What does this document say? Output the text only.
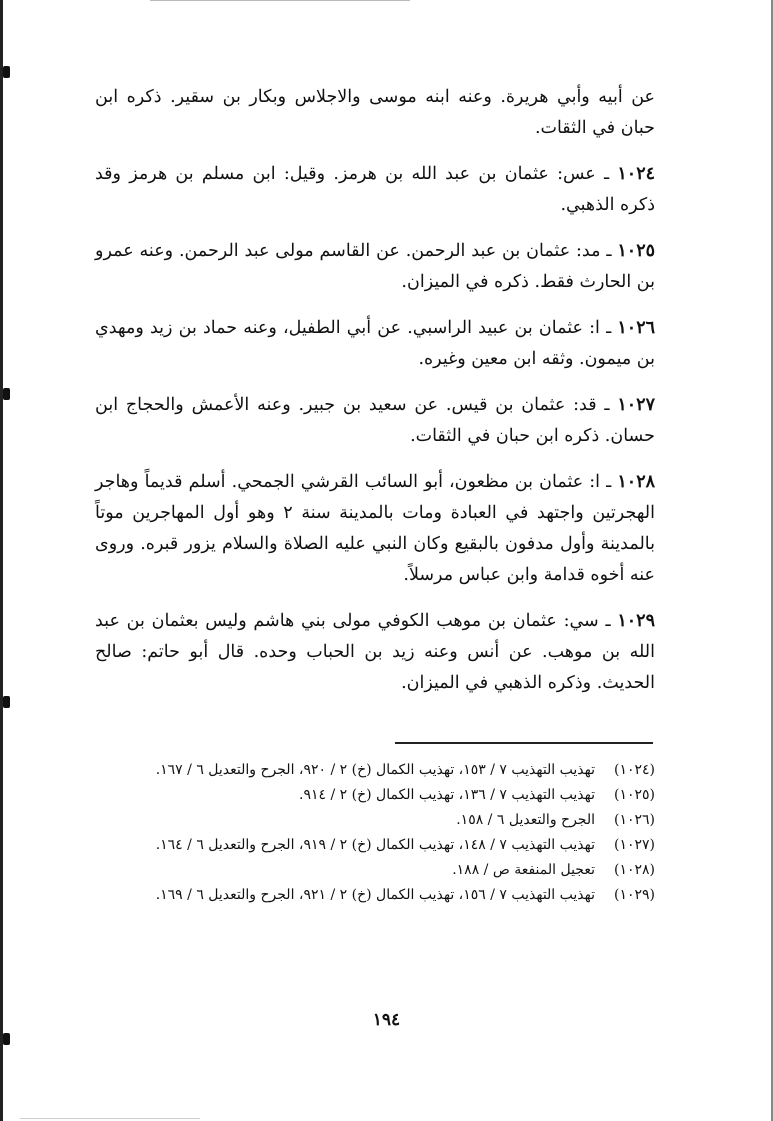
عن أبيه وأبي هريرة. وعنه ابنه موسى والاجلاس وبكار بن سقير. ذكره ابن حبان في الثقات.

١٠٢٤ ـ عس: عثمان بن عبد الله بن هرمز. وقيل: ابن مسلم بن هرمز وقد ذكره الذهبي.

١٠٢٥ ـ مد: عثمان بن عبد الرحمن. عن القاسم مولى عبد الرحمن. وعنه عمرو بن الحارث فقط. ذكره في الميزان.

١٠٢٦ ـ ا: عثمان بن عبيد الراسبي. عن أبي الطفيل، وعنه حماد بن زيد ومهدي بن ميمون. وثقه ابن معين وغيره.

١٠٢٧ ـ قد: عثمان بن قيس. عن سعيد بن جبير. وعنه الأعمش والحجاج ابن حسان. ذكره ابن حبان في الثقات.

١٠٢٨ ـ ا: عثمان بن مظعون، أبو السائب القرشي الجمحي. أسلم قديماً وهاجر الهجرتين واجتهد في العبادة ومات بالمدينة سنة ٢ وهو أول المهاجرين موتاً بالمدينة وأول مدفون بالبقيع وكان النبي عليه الصلاة والسلام يزور قبره. وروى عنه أخوه قدامة وابن عباس مرسلاً.

١٠٢٩ ـ سي: عثمان بن موهب الكوفي مولى بني هاشم وليس بعثمان بن عبد الله بن موهب. عن أنس وعنه زيد بن الحباب وحده. قال أبو حاتم: صالح الحديث. وذكره الذهبي في الميزان.

(١٠٢٤)
تهذيب التهذيب ٧ / ١٥٣، تهذيب الكمال (خ) ٢ / ٩٢٠، الجرح والتعديل ٦ / ١٦٧.
(١٠٢٥)
تهذيب التهذيب ٧ / ١٣٦، تهذيب الكمال (خ) ٢ / ٩١٤.
(١٠٢٦)
الجرح والتعديل ٦ / ١٥٨.
(١٠٢٧)
تهذيب التهذيب ٧ / ١٤٨، تهذيب الكمال (خ) ٢ / ٩١٩، الجرح والتعديل ٦ / ١٦٤.
(١٠٢٨)
تعجيل المنفعة ص / ١٨٨.
(١٠٢٩)
تهذيب التهذيب ٧ / ١٥٦، تهذيب الكمال (خ) ٢ / ٩٢١، الجرح والتعديل ٦ / ١٦٩.
١٩٤
